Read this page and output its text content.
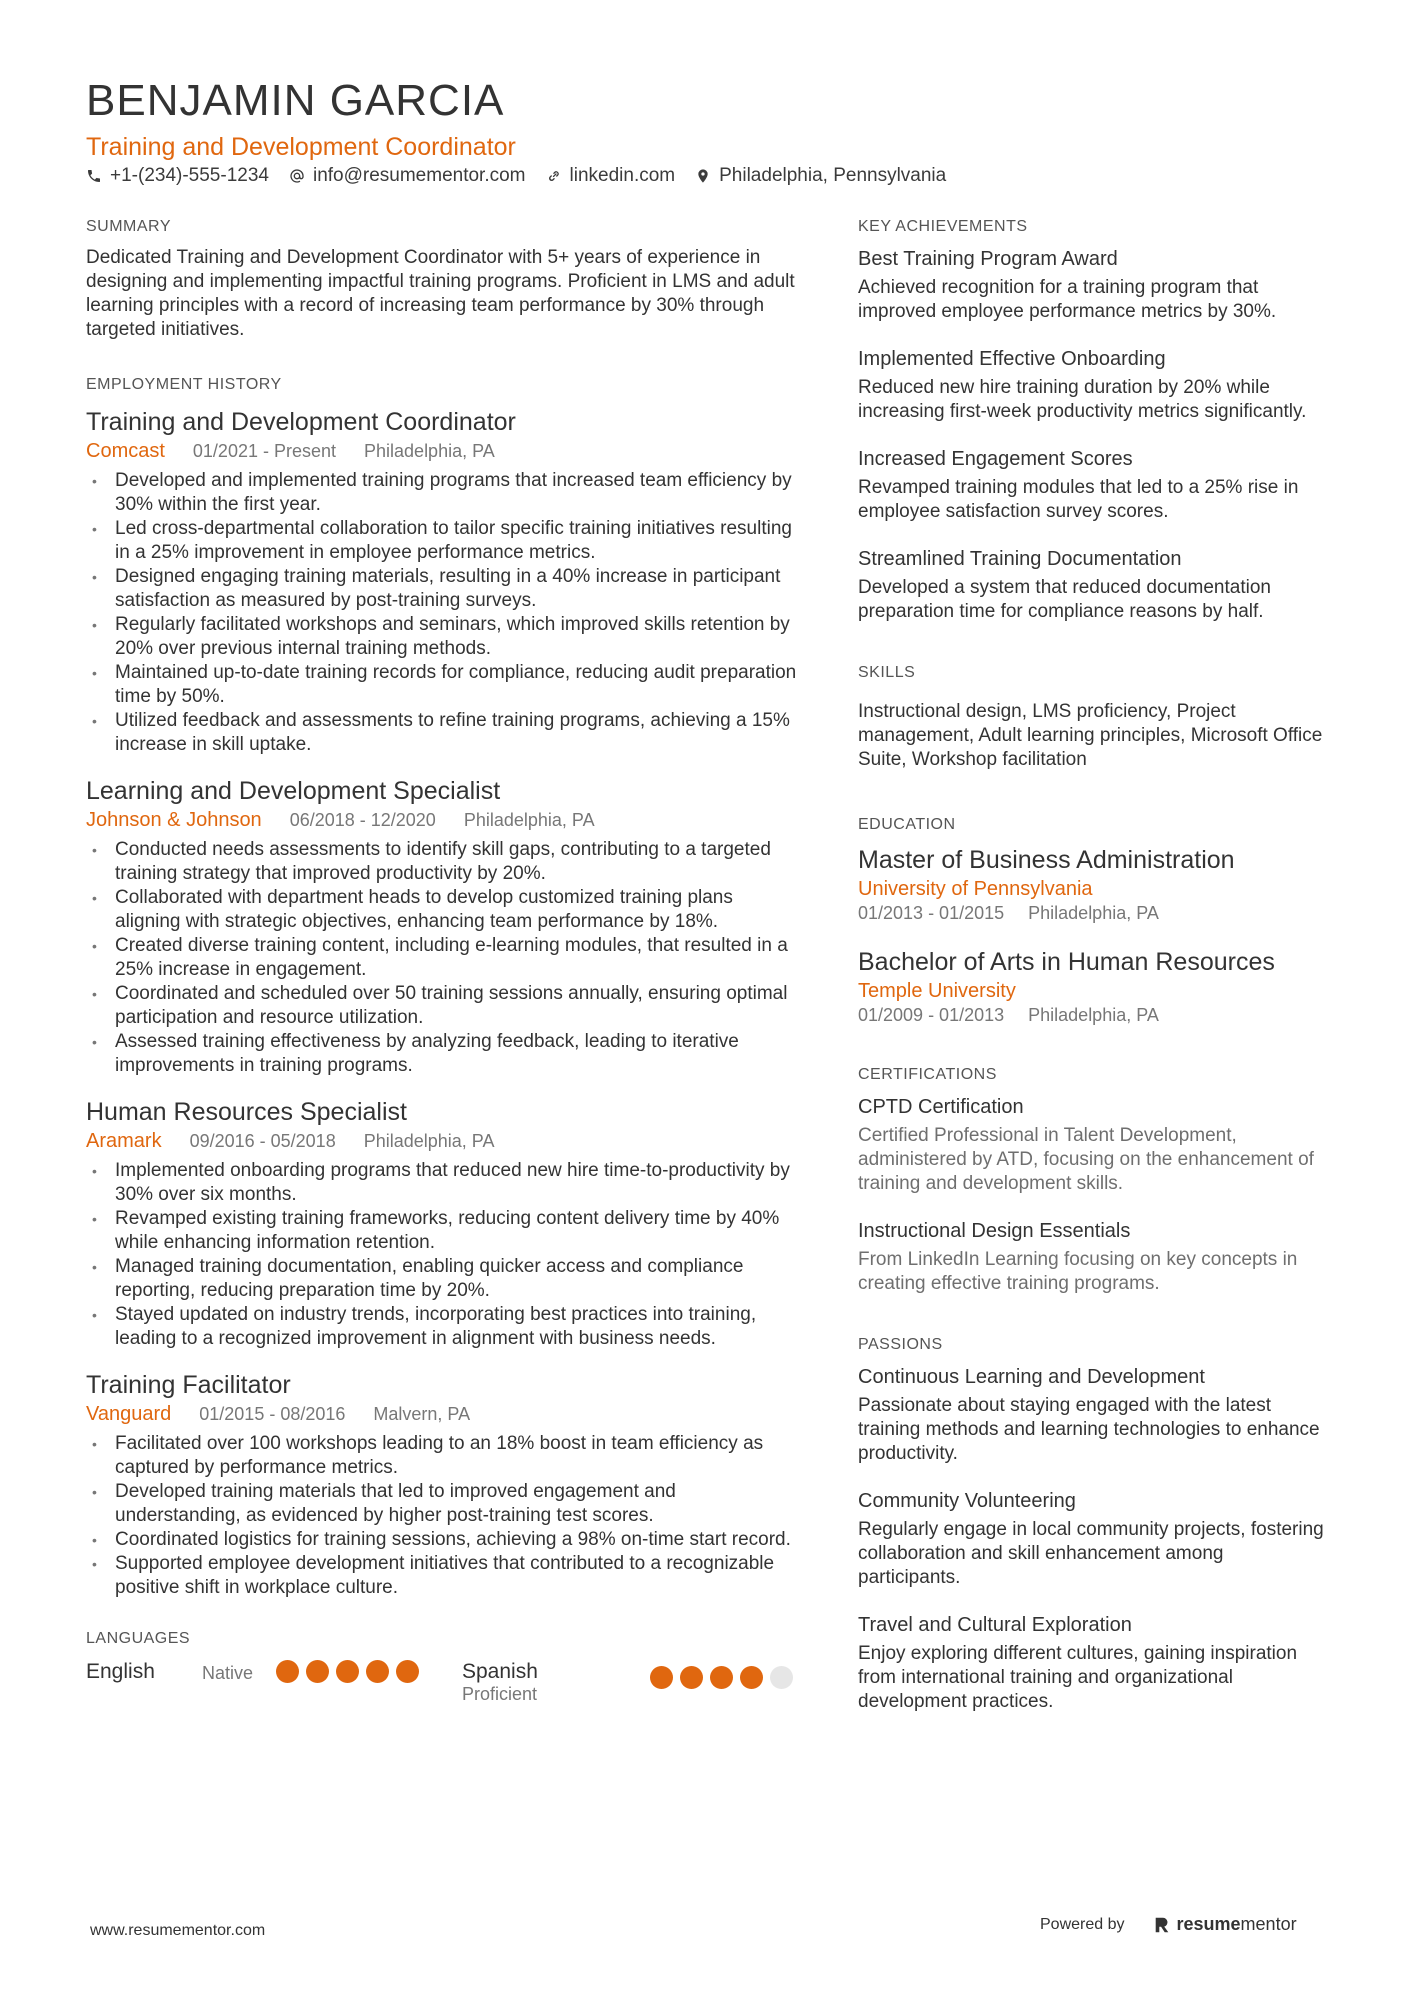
BENJAMIN GARCIA
Training and Development Coordinator
+1-(234)-555-1234 info@resumementor.com linkedin.com Philadelphia, Pennsylvania
SUMMARY

Dedicated Training and Development Coordinator with 5+ years of experience in designing and implementing impactful training programs. Proficient in LMS and adult learning principles with a record of increasing team performance by 30% through targeted initiatives.

EMPLOYMENT HISTORY
Training and Development Coordinator
Comcast 01/2021 - Present Philadelphia, PA
• Developed and implemented training programs that increased team efficiency by 30% within the first year.
• Led cross-departmental collaboration to tailor specific training initiatives resulting in a 25% improvement in employee performance metrics.
• Designed engaging training materials, resulting in a 40% increase in participant satisfaction as measured by post-training surveys.
• Regularly facilitated workshops and seminars, which improved skills retention by 20% over previous internal training methods.
• Maintained up-to-date training records for compliance, reducing audit preparation time by 50%.
• Utilized feedback and assessments to refine training programs, achieving a 15% increase in skill uptake.
Learning and Development Specialist
Johnson & Johnson 06/2018 - 12/2020 Philadelphia, PA
• Conducted needs assessments to identify skill gaps, contributing to a targeted training strategy that improved productivity by 20%.
• Collaborated with department heads to develop customized training plans aligning with strategic objectives, enhancing team performance by 18%.
• Created diverse training content, including e-learning modules, that resulted in a 25% increase in engagement.
• Coordinated and scheduled over 50 training sessions annually, ensuring optimal participation and resource utilization.
• Assessed training effectiveness by analyzing feedback, leading to iterative improvements in training programs.
Human Resources Specialist
Aramark 09/2016 - 05/2018 Philadelphia, PA
• Implemented onboarding programs that reduced new hire time-to-productivity by 30% over six months.
• Revamped existing training frameworks, reducing content delivery time by 40% while enhancing information retention.
• Managed training documentation, enabling quicker access and compliance reporting, reducing preparation time by 20%.
• Stayed updated on industry trends, incorporating best practices into training, leading to a recognized improvement in alignment with business needs.
Training Facilitator
Vanguard 01/2015 - 08/2016 Malvern, PA
• Facilitated over 100 workshops leading to an 18% boost in team efficiency as captured by performance metrics.
• Developed training materials that led to improved engagement and understanding, as evidenced by higher post-training test scores.
• Coordinated logistics for training sessions, achieving a 98% on-time start record.
• Supported employee development initiatives that contributed to a recognizable positive shift in workplace culture.
LANGUAGES
English	Native	Spanish
Proficient
KEY ACHIEVEMENTS
Best Training Program Award
Achieved recognition for a training program that improved employee performance metrics by 30%.
Implemented Effective Onboarding
Reduced new hire training duration by 20% while increasing first-week productivity metrics significantly.
Increased Engagement Scores
Revamped training modules that led to a 25% rise in employee satisfaction survey scores.
Streamlined Training Documentation
Developed a system that reduced documentation preparation time for compliance reasons by half.
SKILLS
Instructional design, LMS proficiency, Project management, Adult learning principles, Microsoft Office Suite, Workshop facilitation
EDUCATION
Master of Business Administration
University of Pennsylvania
01/2013 - 01/2015 Philadelphia, PA
Bachelor of Arts in Human Resources
Temple University
01/2009 - 01/2013 Philadelphia, PA
CERTIFICATIONS
CPTD Certification
Certified Professional in Talent Development, administered by ATD, focusing on the enhancement of training and development skills.
Instructional Design Essentials
From LinkedIn Learning focusing on key concepts in creating effective training programs.
PASSIONS
Continuous Learning and Development
Passionate about staying engaged with the latest training methods and learning technologies to enhance productivity.
Community Volunteering
Regularly engage in local community projects, fostering collaboration and skill enhancement among participants.
Travel and Cultural Exploration
Enjoy exploring different cultures, gaining inspiration from international training and organizational development practices.
www.resumementor.com	Powered by	resume mentor
